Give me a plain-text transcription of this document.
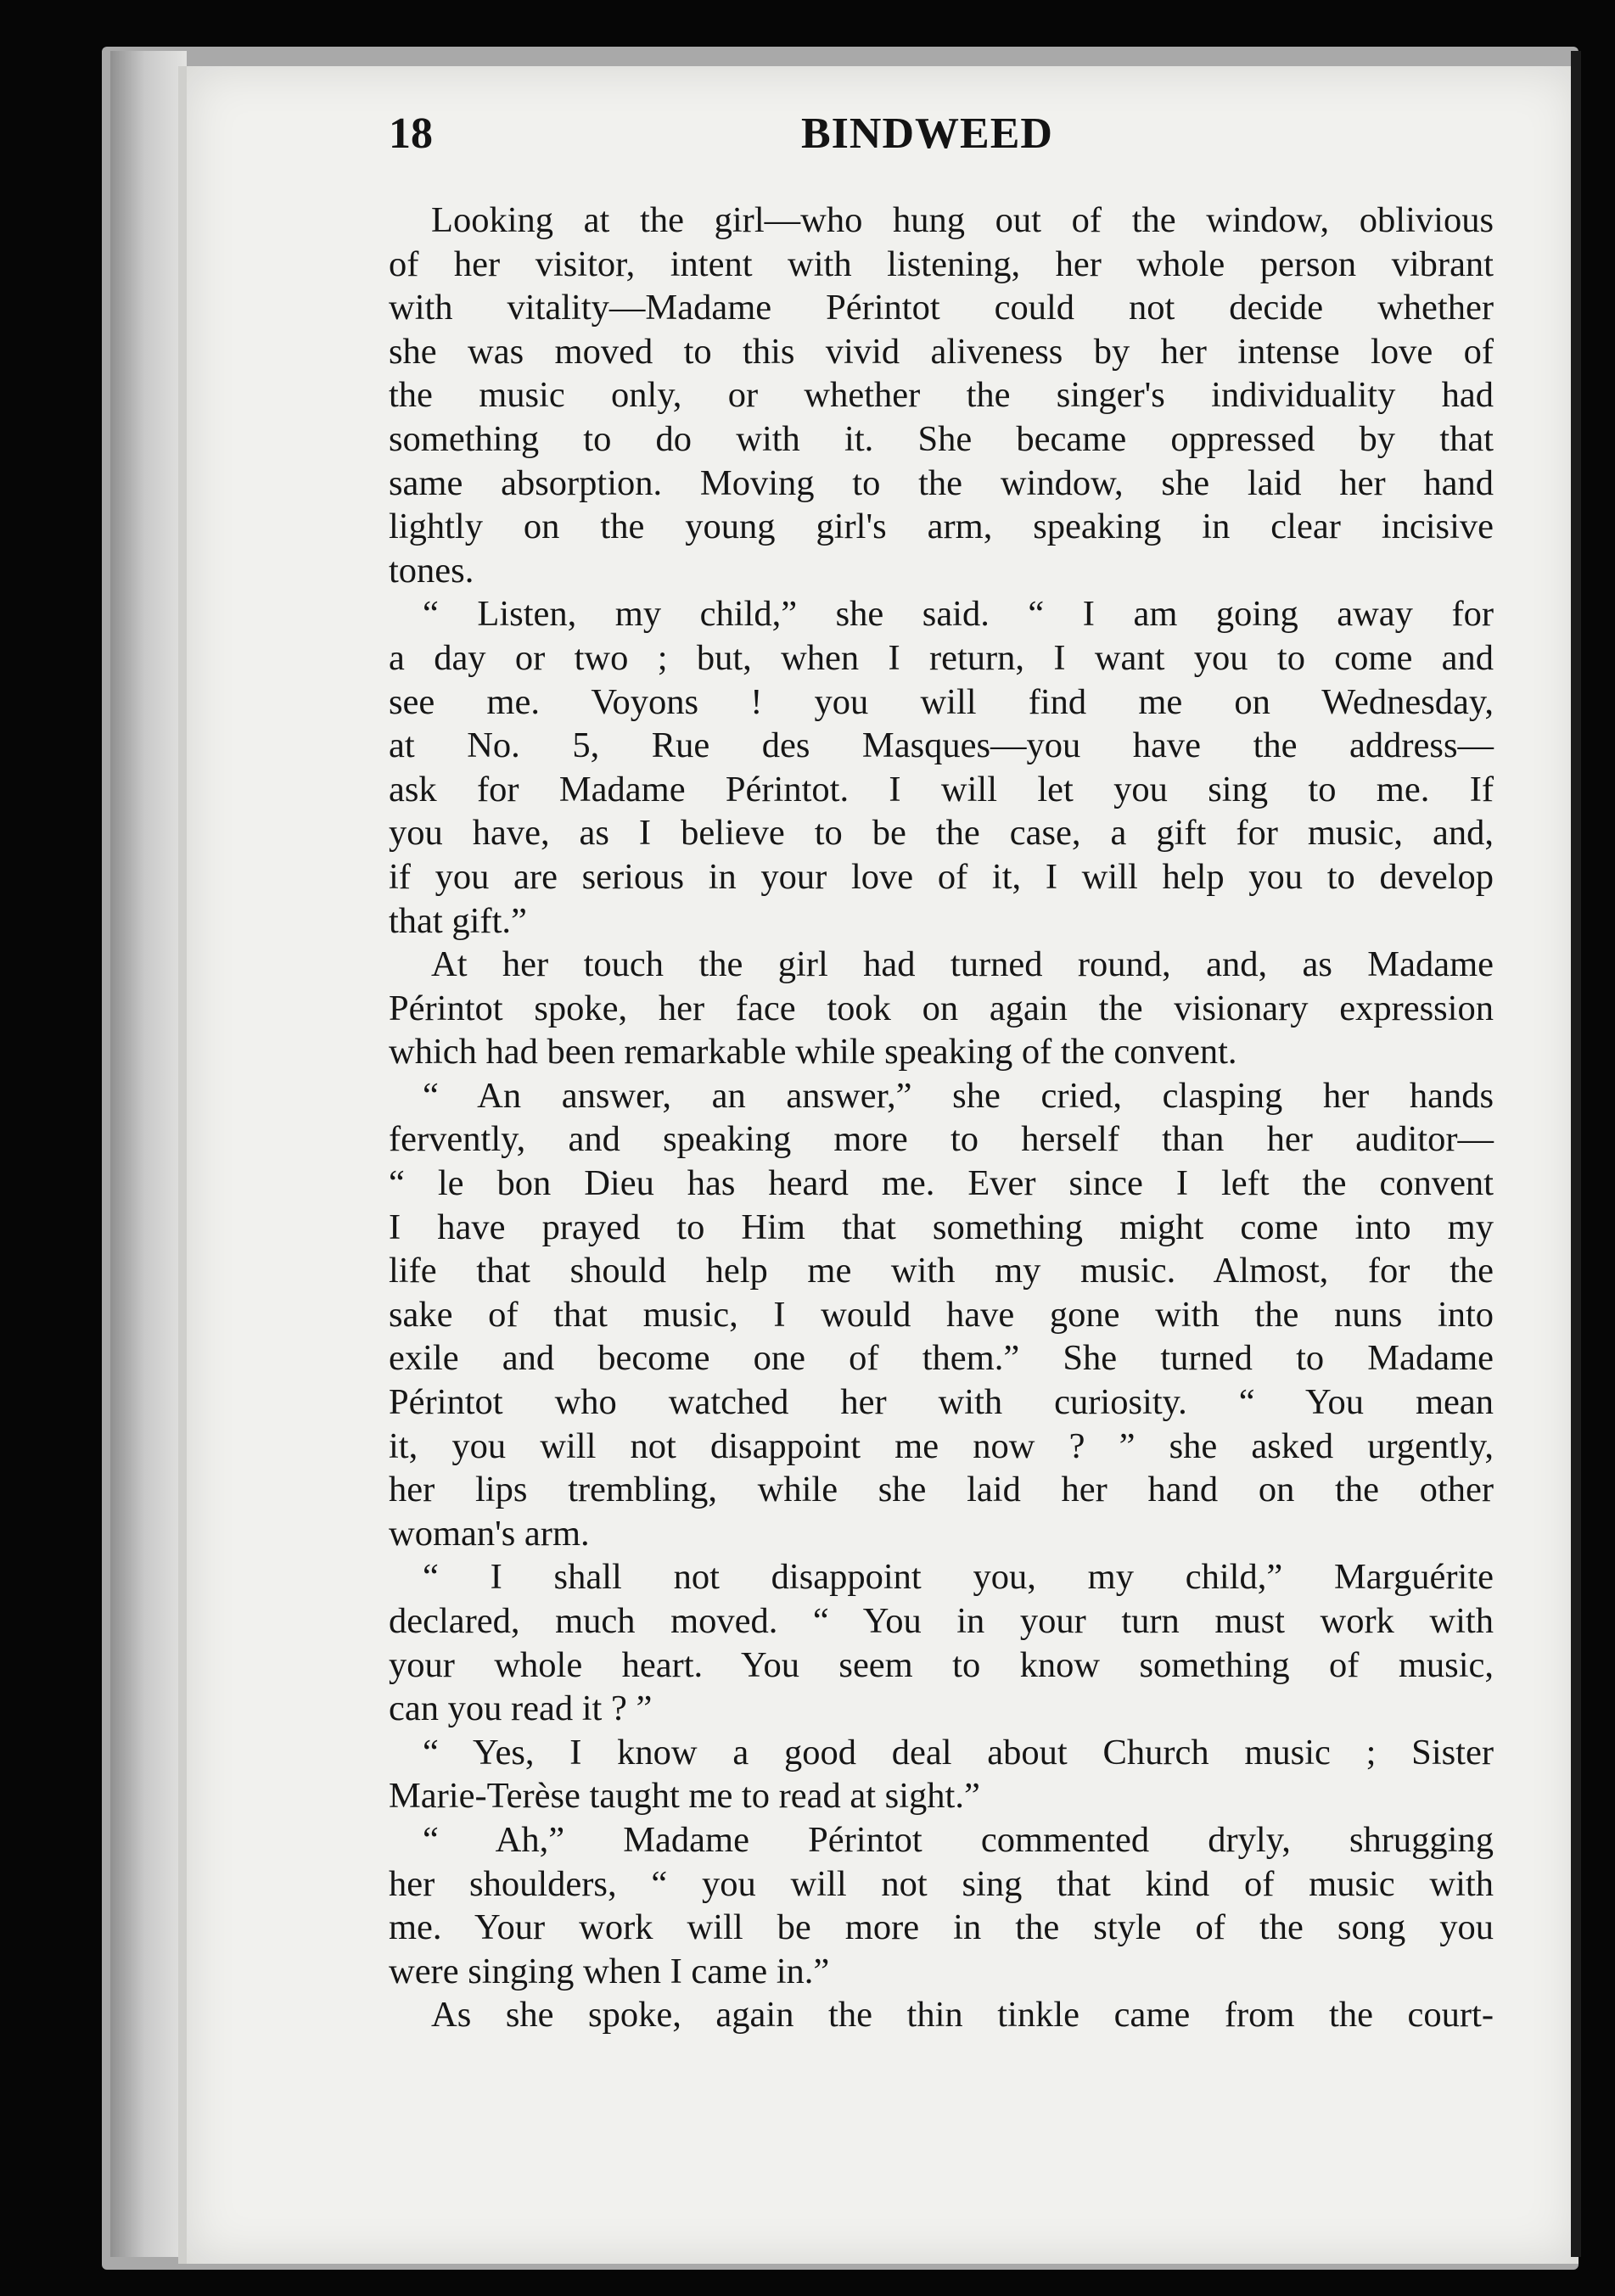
18	BINDWEED
Looking at the girl—who hung out of the window, oblivious
of her visitor, intent with listening, her whole person vibrant
with vitality—Madame Périntot could not decide whether
she was moved to this vivid aliveness by her intense love of
the music only, or whether the singer's individuality had
something to do with it. She became oppressed by that
same absorption. Moving to the window, she laid her hand
lightly on the young girl's arm, speaking in clear incisive
tones.
“ Listen, my child,” she said. “ I am going away for
a day or two ; but, when I return, I want you to come and
see me. Voyons ! you will find me on Wednesday,
at No. 5, Rue des Masques—you have the address—
ask for Madame Périntot. I will let you sing to me. If
you have, as I believe to be the case, a gift for music, and,
if you are serious in your love of it, I will help you to develop
that gift.”
At her touch the girl had turned round, and, as Madame
Périntot spoke, her face took on again the visionary expression
which had been remarkable while speaking of the convent.
“ An answer, an answer,” she cried, clasping her hands
fervently, and speaking more to herself than her auditor—
“ le bon Dieu has heard me. Ever since I left the convent
I have prayed to Him that something might come into my
life that should help me with my music. Almost, for the
sake of that music, I would have gone with the nuns into
exile and become one of them.” She turned to Madame
Périntot who watched her with curiosity. “ You mean
it, you will not disappoint me now ? ” she asked urgently,
her lips trembling, while she laid her hand on the other
woman's arm.
“ I shall not disappoint you, my child,” Marguérite
declared, much moved. “ You in your turn must work with
your whole heart. You seem to know something of music,
can you read it ? ”
“ Yes, I know a good deal about Church music ; Sister
Marie-Terèse taught me to read at sight.”
“ Ah,” Madame Périntot commented dryly, shrugging
her shoulders, “ you will not sing that kind of music with
me. Your work will be more in the style of the song you
were singing when I came in.”
As she spoke, again the thin tinkle came from the court-
